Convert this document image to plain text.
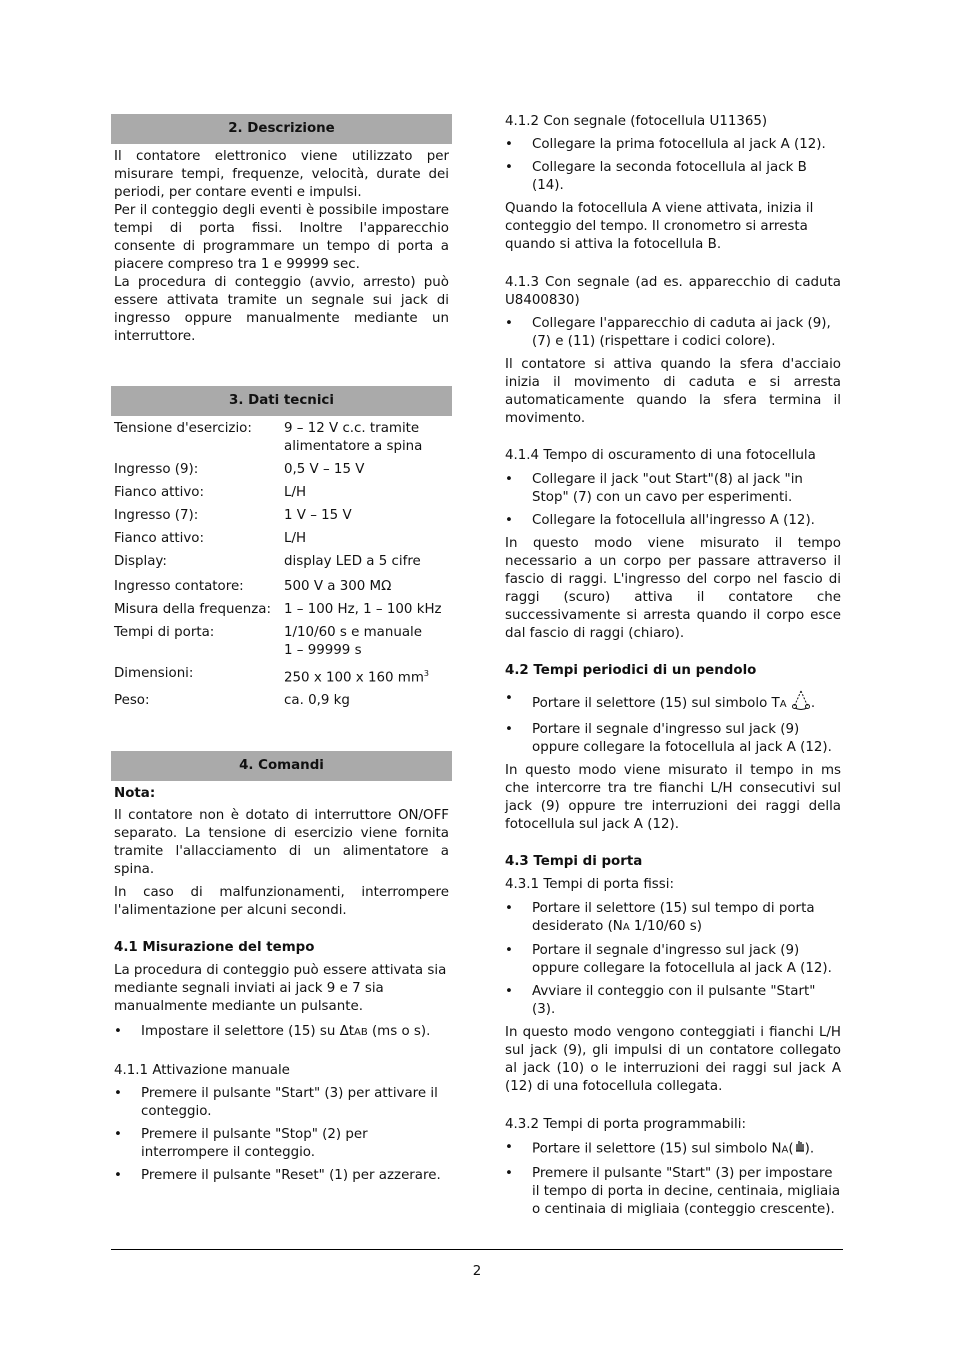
2. Descrizione

Il contatore elettronico viene utilizzato per misurare tempi, frequenze, velocità, durate dei periodi, per contare eventi e impulsi.

Per il conteggio degli eventi è possibile impostare tempi di porta fissi. Inoltre l'apparecchio consente di programmare un tempo di porta a piacere compreso tra 1 e 99999 sec.

La procedura di conteggio (avvio, arresto) può essere attivata tramite un segnale sui jack di ingresso oppure manualmente mediante un interruttore.

3. Dati tecnici
Tensione d'esercizio:	9 – 12 V c.c. tramite
alimentatore a spina
Ingresso (9):	0,5 V – 15 V
Fianco attivo:	L/H
Ingresso (7):	1 V – 15 V
Fianco attivo:	L/H
Display:	display LED a 5 cifre
Ingresso contatore:	500 V a 300 MΩ
Misura della frequenza: 1 – 100 Hz, 1 – 100 kHz
Tempi di porta:	1/10/60 s e manuale
1 – 99999 s
Dimensioni:	250 x 100 x 160 $mm^3$
Peso:	ca. 0,9 kg
4. Comandi

Nota:

Il contatore non è dotato di interruttore ON/OFF separato. La tensione di esercizio viene fornita tramite l'allacciamento di un alimentatore a spina.

In caso di malfunzionamenti, interrompere l'alimentazione per alcuni secondi.

4.1 Misurazione del tempo

La procedura di conteggio può essere attivata sia mediante segnali inviati ai jack 9 e 7 sia manualmente mediante un pulsante.

• Impostare il selettore (15) su ΔtAB (ms o s).

4.1.1 Attivazione manuale

• Premere il pulsante "Start" (3) per attivare il conteggio.
• Premere il pulsante "Stop" (2) per interrompere il conteggio.
• Premere il pulsante "Reset" (1) per azzerare.

4.1.2 Con segnale (fotocellula U11365)

• Collegare la prima fotocellula al jack A (12).
• Collegare la seconda fotocellula al jack B (14).

Quando la fotocellula A viene attivata, inizia il conteggio del tempo. Il cronometro si arresta quando si attiva la fotocellula B.

4.1.3 Con segnale (ad es. apparecchio di caduta U8400830)

• Collegare l'apparecchio di caduta ai jack (9), (7) e (11) (rispettare i codici colore).

Il contatore si attiva quando la sfera d'acciaio inizia il movimento di caduta e si arresta automaticamente quando la sfera termina il movimento.

4.1.4 Tempo di oscuramento di una fotocellula

• Collegare il jack "out Start"(8) al jack "in Stop" (7) con un cavo per esperimenti.
• Collegare la fotocellula all'ingresso A (12).

In questo modo viene misurato il tempo necessario a un corpo per passare attraverso il fascio di raggi. L'ingresso del corpo nel fascio di raggi (scuro) attiva il contatore che successivamente si arresta quando il corpo esce dal fascio di raggi (chiaro).

4.2 Tempi periodici di un pendolo

• Portare il selettore (15) sul simbolo TA .
• Portare il segnale d'ingresso sul jack (9) oppure collegare la fotocellula al jack A (12).

In questo modo viene misurato il tempo in ms che intercorre tra tre fianchi L/H consecutivi sul jack (9) oppure tre interruzioni dei raggi della fotocellula sul jack A (12).

4.3 Tempi di porta

4.3.1 Tempi di porta fissi:

• Portare il selettore (15) sul tempo di porta desiderato (NA 1/10/60 s)
• Portare il segnale d'ingresso sul jack (9) oppure collegare la fotocellula al jack A (12).
• Avviare il conteggio con il pulsante "Start" (3).

In questo modo vengono conteggiati i fianchi L/H sul jack (9), gli impulsi di un contatore collegato al jack (10) o le interruzioni dei raggi sul jack A (12) di una fotocellula collegata.

4.3.2 Tempi di porta programmabili:

• Portare il selettore (15) sul simbolo NA( ).
• Premere il pulsante "Start" (3) per impostare il tempo di porta in decine, centinaia, migliaia o centinaia di migliaia (conteggio crescente).
2
